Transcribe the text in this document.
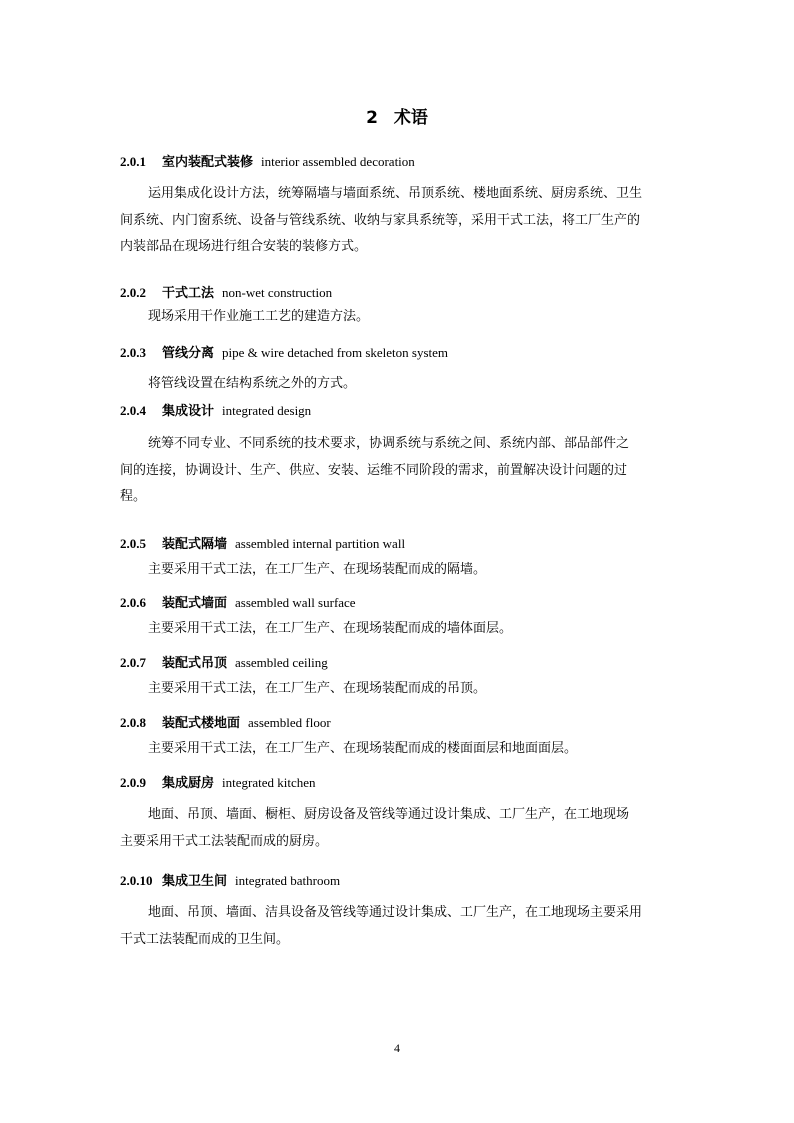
2 术语
2.0.1 室内装配式装修 interior assembled decoration
运用集成化设计方法，统筹隔墙与墙面系统、吊顶系统、楼地面系统、厨房系统、卫生
间系统、内门窗系统、设备与管线系统、收纳与家具系统等，采用干式工法，将工厂生产的
内装部品在现场进行组合安装的装修方式。
2.0.2 干式工法 non-wet construction
现场采用干作业施工工艺的建造方法。
2.0.3 管线分离 pipe & wire detached from skeleton system
将管线设置在结构系统之外的方式。
2.0.4 集成设计 integrated design
统筹不同专业、不同系统的技术要求，协调系统与系统之间、系统内部、部品部件之
间的连接，协调设计、生产、供应、安装、运维不同阶段的需求，前置解决设计问题的过
程。
2.0.5 装配式隔墙 assembled internal partition wall
主要采用干式工法，在工厂生产、在现场装配而成的隔墙。
2.0.6 装配式墙面 assembled wall surface
主要采用干式工法，在工厂生产、在现场装配而成的墙体面层。
2.0.7 装配式吊顶 assembled ceiling
主要采用干式工法，在工厂生产、在现场装配而成的吊顶。
2.0.8 装配式楼地面 assembled floor
主要采用干式工法，在工厂生产、在现场装配而成的楼面面层和地面面层。
2.0.9 集成厨房 integrated kitchen
地面、吊顶、墙面、橱柜、厨房设备及管线等通过设计集成、工厂生产，在工地现场
主要采用干式工法装配而成的厨房。
2.0.10 集成卫生间 integrated bathroom
地面、吊顶、墙面、洁具设备及管线等通过设计集成、工厂生产，在工地现场主要采用
干式工法装配而成的卫生间。
4
